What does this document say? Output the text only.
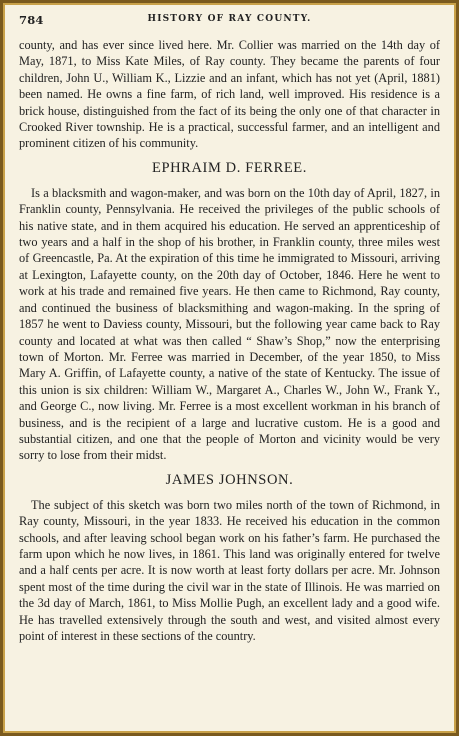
784	HISTORY OF RAY COUNTY.

county, and has ever since lived here. Mr. Collier was married on the 14th day of May, 1871, to Miss Kate Miles, of Ray county. They became the parents of four children, John U., William K., Lizzie and an infant, which has not yet (April, 1881) been named. He owns a fine farm, of rich land, well improved. His residence is a brick house, distinguished from the fact of its being the only one of that character in Crooked River township. He is a practical, successful farmer, and an intelligent and prominent citizen of his community.

EPHRAIM D. FERREE.

Is a blacksmith and wagon-maker, and was born on the 10th day of April, 1827, in Franklin county, Pennsylvania. He received the privileges of the public schools of his native state, and in them acquired his education. He served an apprenticeship of two years and a half in the shop of his brother, in Franklin county, three miles west of Greencastle, Pa. At the expiration of this time he immigrated to Missouri, arriving at Lexington, Lafayette county, on the 20th day of October, 1846. Here he went to work at his trade and remained five years. He then came to Richmond, Ray county, and continued the business of blacksmithing and wagon-making. In the spring of 1857 he went to Daviess county, Missouri, but the following year came back to Ray county and located at what was then called “ Shaw’s Shop,” now the enterprising town of Morton. Mr. Ferree was married in December, of the year 1850, to Miss Mary A. Griffin, of Lafayette county, a native of the state of Kentucky. The issue of this union is six children: William W., Margaret A., Charles W., John W., Frank Y., and George C., now living. Mr. Ferree is a most excellent workman in his branch of business, and is the recipient of a large and lucrative custom. He is a good and substantial citizen, and one that the people of Morton and vicinity would be very sorry to lose from their midst.

JAMES JOHNSON.

The subject of this sketch was born two miles north of the town of Richmond, in Ray county, Missouri, in the year 1833. He received his education in the common schools, and after leaving school began work on his father’s farm. He purchased the farm upon which he now lives, in 1861. This land was originally entered for twelve and a half cents per acre. It is now worth at least forty dollars per acre. Mr. Johnson spent most of the time during the civil war in the state of Illinois. He was married on the 3d day of March, 1861, to Miss Mollie Pugh, an excellent lady and a good wife. He has travelled extensively through the south and west, and visited almost every point of interest in these sections of the country.
